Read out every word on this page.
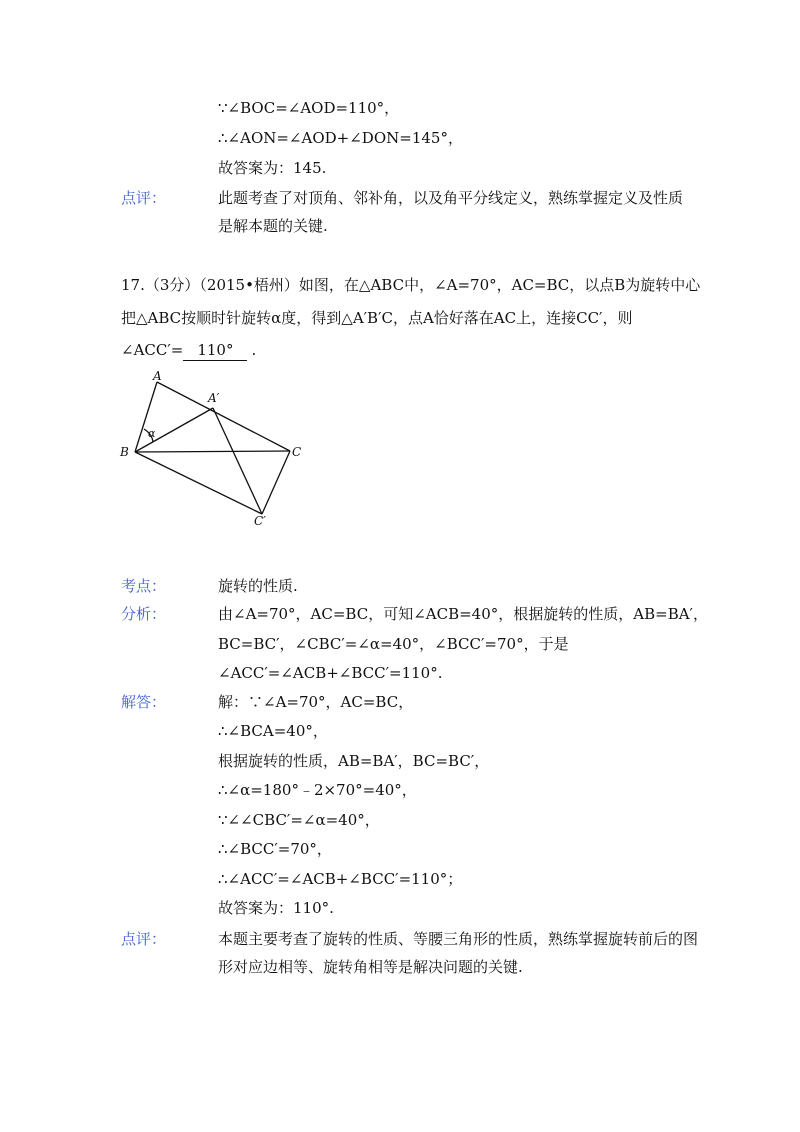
∵∠BOC=∠AOD=110°，
∴∠AON=∠AOD+∠DON=145°，
故答案为：145.
点评：	此题考查了对顶角、邻补角，以及角平分线定义，熟练掌握定义及性质
是解本题的关键.
17.（3分）（2015•梧州）如图，在△ABC中，∠A=70°，AC=BC，以点B为旋转中心
把△ABC按顺时针旋转α度，得到△A′B′C，点A恰好落在AC上，连接CC′，则
∠ACC′= 110° .
A
A′
α
B	C
C′
考点：	旋转的性质.
分析：	由∠A=70°，AC=BC，可知∠ACB=40°，根据旋转的性质，AB=BA′，
BC=BC′，∠CBC′=∠α=40°，∠BCC′=70°，于是
∠ACC′=∠ACB+∠BCC′=110°.
解答：	解：∵∠A=70°，AC=BC，
∴∠BCA=40°，
根据旋转的性质，AB=BA′，BC=BC′，
∴∠α=180°﹣2×70°=40°，
∵∠∠CBC′=∠α=40°，
∴∠BCC′=70°，
∴∠ACC′=∠ACB+∠BCC′=110°；
故答案为：110°.
点评：	本题主要考查了旋转的性质、等腰三角形的性质，熟练掌握旋转前后的图
形对应边相等、旋转角相等是解决问题的关键.
